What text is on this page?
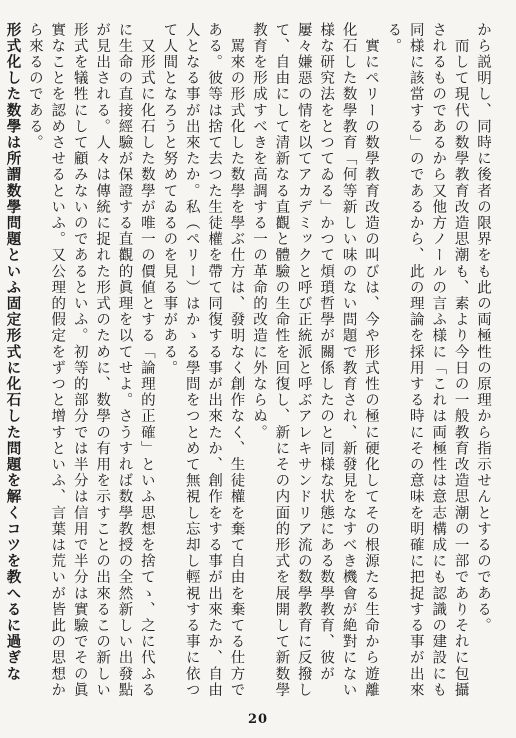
から説明し、同時に後者の限界をも此の両極性の原理から指示せんとするのである。

　而して現代の数學教育改造思潮も、素より今日の一般教育改造思潮の一部でありそれに包攝されるものであるから又他方ノールの言ふ様に「これは両極性は意志構成にも認識の建設にも同様に該當する」のであるから、此の理論を採用する時にその意味を明確に把捉する事が出來る。

　實にペリーの数學教育改造の叫びは、今や形式性の極に硬化してその根源たる生命から遊離化石した数學教育「何等新しい味のない問題で教育され、新發見をなすべき機會が絶對にない様な研究法をとつてゐる」かつて煩瑣哲學が關係したのと同様な状態にある数學教育、彼が屢々嫌惡の情を以てアカデミックと呼び正統派と呼ぶアレキサンドリア流の数學教育に反撥して、自由にして清新なる直觀と體驗の生命性を回復し、新にその内面的形式を展開して新数學教育を形成すべきを高調する一の革命的改造に外ならぬ。

　罵來の形式化した数學を學ぶ仕方は、發明なく創作なく、生徒權を棄て自由を棄てる仕方である。彼等は捨て去つた生徒權を帶て同復する事が出來たか、創作をする事が出來たか、自由人となる事が出來たか。私（ペリー）はかゝる學問をつとめて無視し忘却し輕視する事に依つて人間となろうと努めてゐるのを見る事がある。

　又形式に化石した数學が唯一の價値とする「論理的正確」といふ思想を捨てゝ、之に代ふるに生命の直接經驗が保證する直觀的眞理を以てせよ。さうすれば数學教授の全然新しい出發點が見出される。人々は傳統に捉れた形式のために、数學の有用を示すことの出來るこの新しい形式を犠牲にして顧みないのであるといふ。初等的部分では半分は信用で半分は實驗でその眞實なことを認めさせるといふ。又公理的假定をずつと增すといふ、言葉は荒いが皆此の思想から來るのである。

形式化した数學は所謂数學問題といふ固定形式に化石した問題を解くコツを教へるに過ぎな

20
